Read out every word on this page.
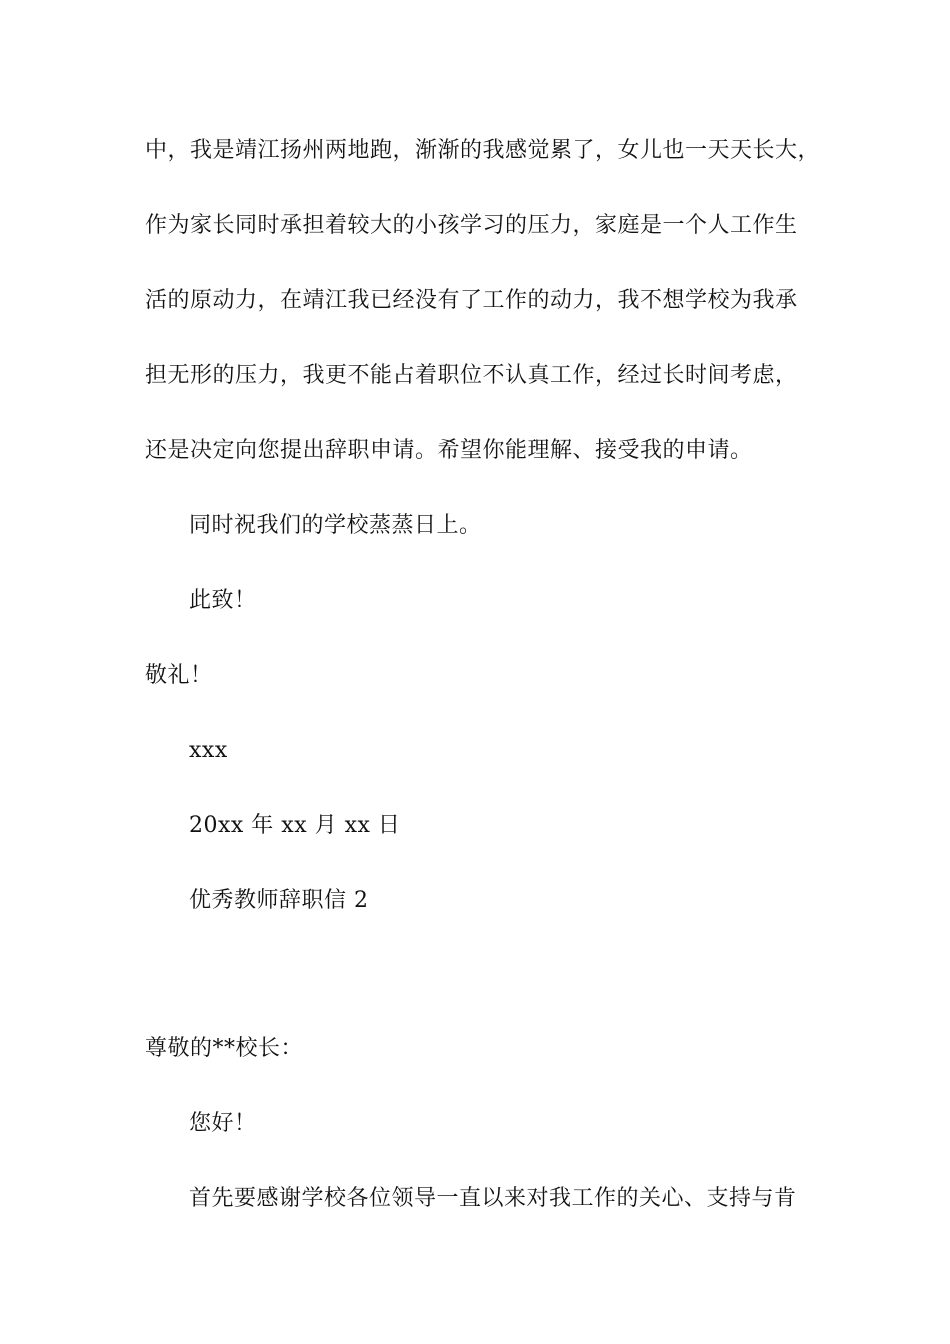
中，我是靖江扬州两地跑，渐渐的我感觉累了，女儿也一天天长大，
作为家长同时承担着较大的小孩学习的压力，家庭是一个人工作生
活的原动力，在靖江我已经没有了工作的动力，我不想学校为我承
担无形的压力，我更不能占着职位不认真工作，经过长时间考虑，
还是决定向您提出辞职申请。希望你能理解、接受我的申请。
同时祝我们的学校蒸蒸日上。
此致！
敬礼！
xxx
20xx 年 xx 月 xx 日
优秀教师辞职信 2
尊敬的**校长：
您好！
首先要感谢学校各位领导一直以来对我工作的关心、支持与肯
